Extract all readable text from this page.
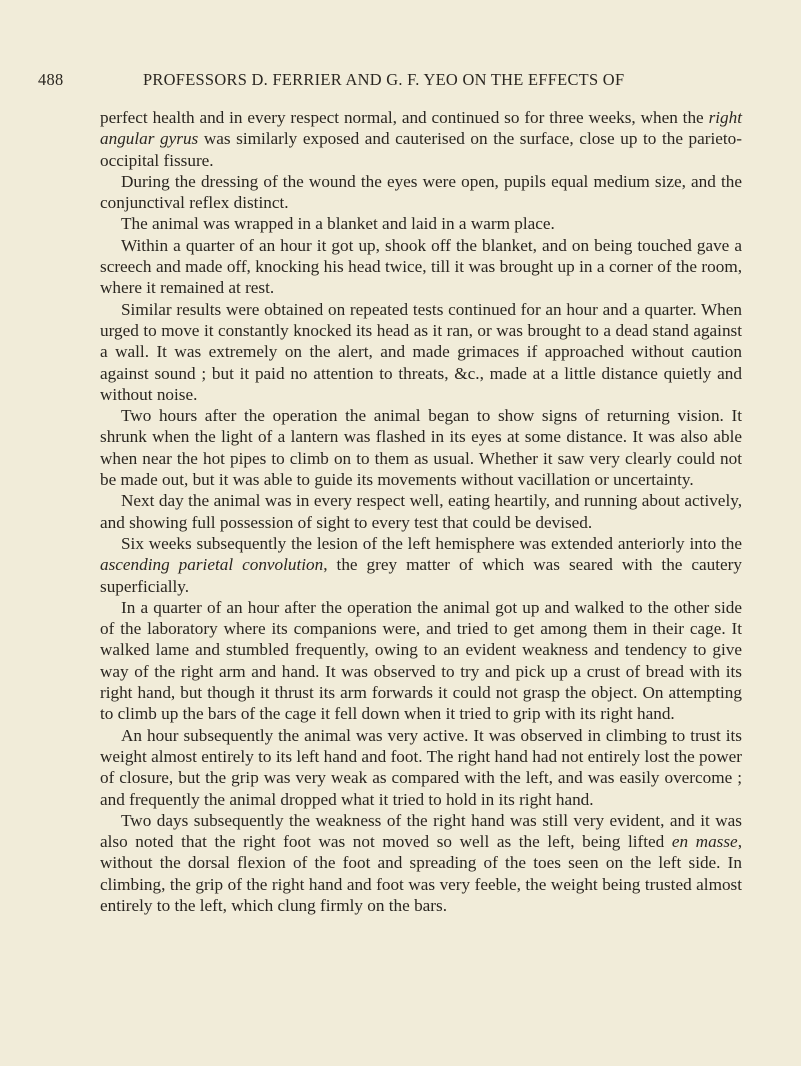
488	PROFESSORS D. FERRIER AND G. F. YEO ON THE EFFECTS OF

perfect health and in every respect normal, and continued so for three weeks, when the right angular gyrus was similarly exposed and cauterised on the surface, close up to the parieto-occipital fissure.

During the dressing of the wound the eyes were open, pupils equal medium size, and the conjunctival reflex distinct.

The animal was wrapped in a blanket and laid in a warm place.

Within a quarter of an hour it got up, shook off the blanket, and on being touched gave a screech and made off, knocking his head twice, till it was brought up in a corner of the room, where it remained at rest.

Similar results were obtained on repeated tests continued for an hour and a quarter. When urged to move it constantly knocked its head as it ran, or was brought to a dead stand against a wall. It was extremely on the alert, and made grimaces if approached without caution against sound ; but it paid no attention to threats, &c., made at a little distance quietly and without noise.

Two hours after the operation the animal began to show signs of returning vision. It shrunk when the light of a lantern was flashed in its eyes at some distance. It was also able when near the hot pipes to climb on to them as usual. Whether it saw very clearly could not be made out, but it was able to guide its movements without vacillation or uncertainty.

Next day the animal was in every respect well, eating heartily, and running about actively, and showing full possession of sight to every test that could be devised.

Six weeks subsequently the lesion of the left hemisphere was extended anteriorly into the ascending parietal convolution, the grey matter of which was seared with the cautery superficially.

In a quarter of an hour after the operation the animal got up and walked to the other side of the laboratory where its companions were, and tried to get among them in their cage. It walked lame and stumbled frequently, owing to an evident weakness and tendency to give way of the right arm and hand. It was observed to try and pick up a crust of bread with its right hand, but though it thrust its arm forwards it could not grasp the object. On attempting to climb up the bars of the cage it fell down when it tried to grip with its right hand.

An hour subsequently the animal was very active. It was observed in climbing to trust its weight almost entirely to its left hand and foot. The right hand had not entirely lost the power of closure, but the grip was very weak as compared with the left, and was easily overcome ; and frequently the animal dropped what it tried to hold in its right hand.

Two days subsequently the weakness of the right hand was still very evident, and it was also noted that the right foot was not moved so well as the left, being lifted en masse, without the dorsal flexion of the foot and spreading of the toes seen on the left side. In climbing, the grip of the right hand and foot was very feeble, the weight being trusted almost entirely to the left, which clung firmly on the bars.
